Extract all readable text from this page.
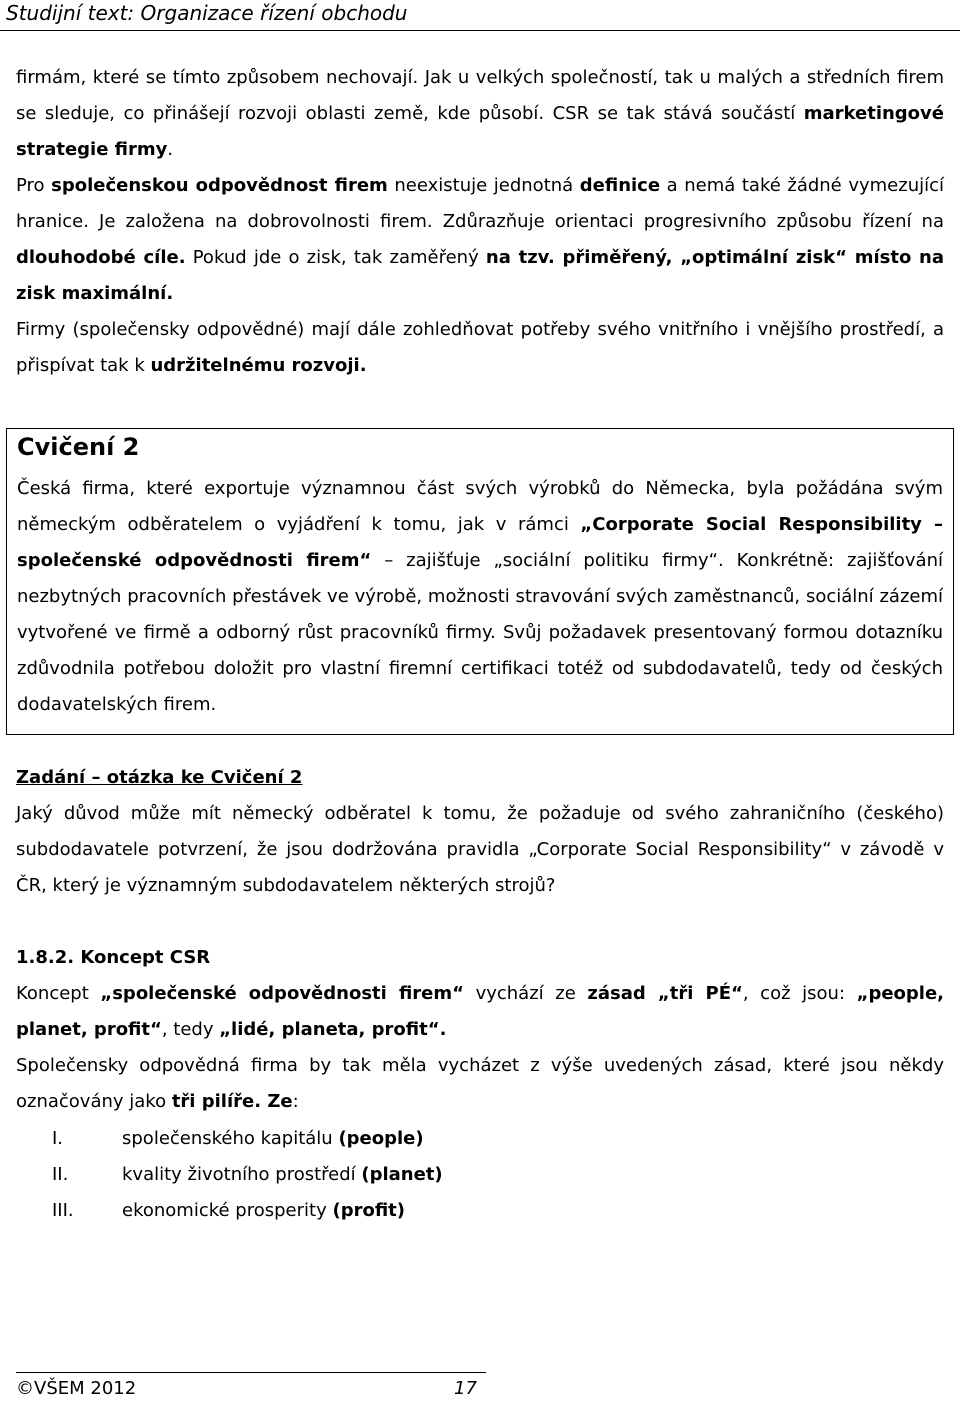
Studijní text: Organizace řízení obchodu
firmám, které se tímto způsobem nechovají. Jak u velkých společností, tak u malých a středních firem se sleduje, co přinášejí rozvoji oblasti země, kde působí. CSR se tak stává součástí marketingové strategie firmy.
Pro společenskou odpovědnost firem neexistuje jednotná definice a nemá také žádné vymezující hranice. Je založena na dobrovolnosti firem. Zdůrazňuje orientaci progresivního způsobu řízení na dlouhodobé cíle. Pokud jde o zisk, tak zaměřený na tzv. přiměřený, „optimální zisk“ místo na zisk maximální.
Firmy (společensky odpovědné) mají dále zohledňovat potřeby svého vnitřního i vnějšího prostředí, a přispívat tak k udržitelnému rozvoji.
Cvičení 2
Česká firma, které exportuje významnou část svých výrobků do Německa, byla požádána svým německým odběratelem o vyjádření k tomu, jak v rámci „Corporate Social Responsibility – společenské odpovědnosti firem“ – zajišťuje „sociální politiku firmy“. Konkrétně: zajišťování nezbytných pracovních přestávek ve výrobě, možnosti stravování svých zaměstnanců, sociální zázemí vytvořené ve firmě a odborný růst pracovníků firmy. Svůj požadavek presentovaný formou dotazníku zdůvodnila potřebou doložit pro vlastní firemní certifikaci totéž od subdodavatelů, tedy od českých dodavatelských firem.
Zadání – otázka ke Cvičení 2
Jaký důvod může mít německý odběratel k tomu, že požaduje od svého zahraničního (českého) subdodavatele potvrzení, že jsou dodržována pravidla „Corporate Social Responsibility“ v závodě v ČR, který je významným subdodavatelem některých strojů?
1.8.2. Koncept CSR
Koncept „společenské odpovědnosti firem“ vychází ze zásad „tři PÉ“, což jsou: „people, planet, profit“, tedy „lidé, planeta, profit“.
Společensky odpovědná firma by tak měla vycházet z výše uvedených zásad, které jsou někdy označovány jako tři pilíře. Ze:
I.	společenského kapitálu (people)
II.	kvality životního prostředí (planet)
III.	ekonomické prosperity (profit)
©VŠEM 2012	17
